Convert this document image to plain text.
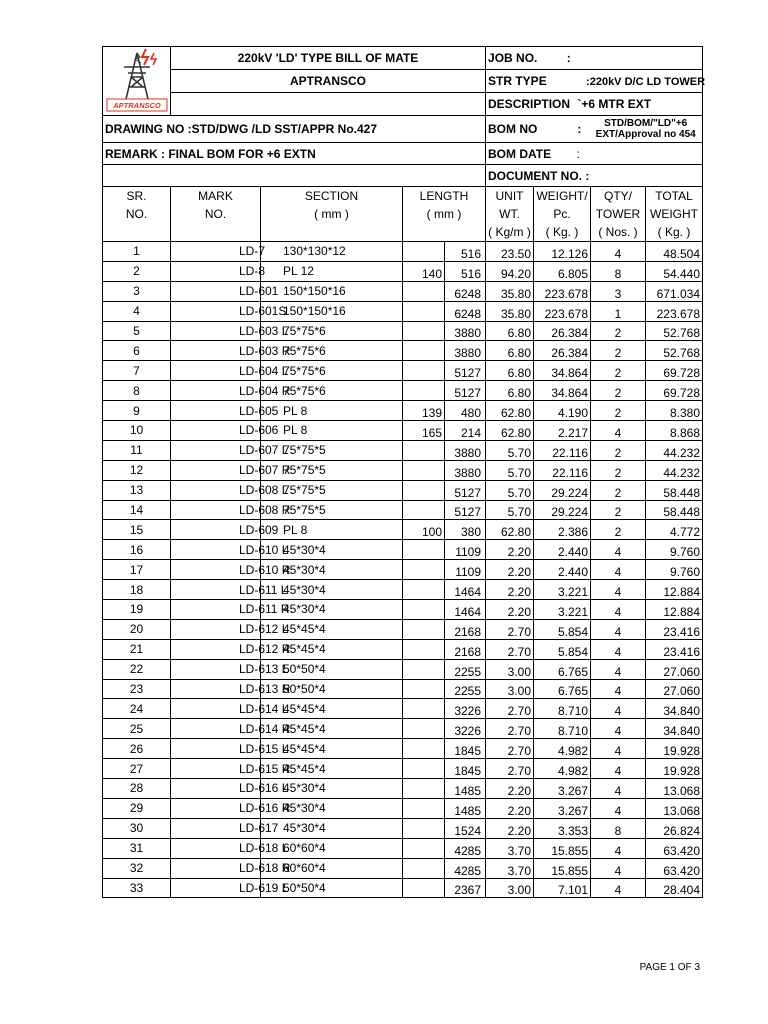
APTRANSCO	220kV 'LD' TYPE BILL OF MATE				JOB NO. :			
	APTRANSCO				STR TYPE :220kV D/C LD TOWER			
					DESCRIPTION `+6 MTR EXT			
DRAWING NO :STD/DWG /LD SST/APPR No.427					BOM NO : STD/BOM/"LD"+6 EXT/Approval no 454			

REMARK : FINAL BOM FOR +6 EXTN					BOM DATE :			
					DOCUMENT NO. :			
SR.	MARK	SECTION	LENGTH		UNIT	WEIGHT/	QTY/	TOTAL
NO.	NO.	( mm )	( mm )		WT.	Pc.	TOWER	WEIGHT
					( Kg/m )	( Kg. )	( Nos. )	( Kg. )
1	LD-7	130*130*12		516	23.50	12.126	4	48.504
2	LD-8	PL 12	140	516	94.20	6.805	8	54.440
3	LD-601	150*150*16		6248	35.80	223.678	3	671.034
4	LD-601S	150*150*16		6248	35.80	223.678	1	223.678
5	LD-603 L	75*75*6		3880	6.80	26.384	2	52.768
6	LD-603 R	75*75*6		3880	6.80	26.384	2	52.768
7	LD-604 L	75*75*6		5127	6.80	34.864	2	69.728
8	LD-604 R	75*75*6		5127	6.80	34.864	2	69.728
9	LD-605	PL 8	139	480	62.80	4.190	2	8.380
10	LD-606	PL 8	165	214	62.80	2.217	4	8.868
11	LD-607 L	75*75*5		3880	5.70	22.116	2	44.232
12	LD-607 R	75*75*5		3880	5.70	22.116	2	44.232
13	LD-608 L	75*75*5		5127	5.70	29.224	2	58.448
14	LD-608 R	75*75*5		5127	5.70	29.224	2	58.448
15	LD-609	PL 8	100	380	62.80	2.386	2	4.772
16	LD-610 L	45*30*4		1109	2.20	2.440	4	9.760
17	LD-610 R	45*30*4		1109	2.20	2.440	4	9.760
18	LD-611 L	45*30*4		1464	2.20	3.221	4	12.884
19	LD-611 R	45*30*4		1464	2.20	3.221	4	12.884
20	LD-612 L	45*45*4		2168	2.70	5.854	4	23.416
21	LD-612 R	45*45*4		2168	2.70	5.854	4	23.416
22	LD-613 L	50*50*4		2255	3.00	6.765	4	27.060
23	LD-613 R	50*50*4		2255	3.00	6.765	4	27.060
24	LD-614 L	45*45*4		3226	2.70	8.710	4	34.840
25	LD-614 R	45*45*4		3226	2.70	8.710	4	34.840
26	LD-615 L	45*45*4		1845	2.70	4.982	4	19.928
27	LD-615 R	45*45*4		1845	2.70	4.982	4	19.928
28	LD-616 L	45*30*4		1485	2.20	3.267	4	13.068
29	LD-616 R	45*30*4		1485	2.20	3.267	4	13.068
30	LD-617	45*30*4		1524	2.20	3.353	8	26.824
31	LD-618 L	60*60*4		4285	3.70	15.855	4	63.420
32	LD-618 R	60*60*4		4285	3.70	15.855	4	63.420
33	LD-619 L	50*50*4		2367	3.00	7.101	4	28.404
PAGE 1 OF 3
